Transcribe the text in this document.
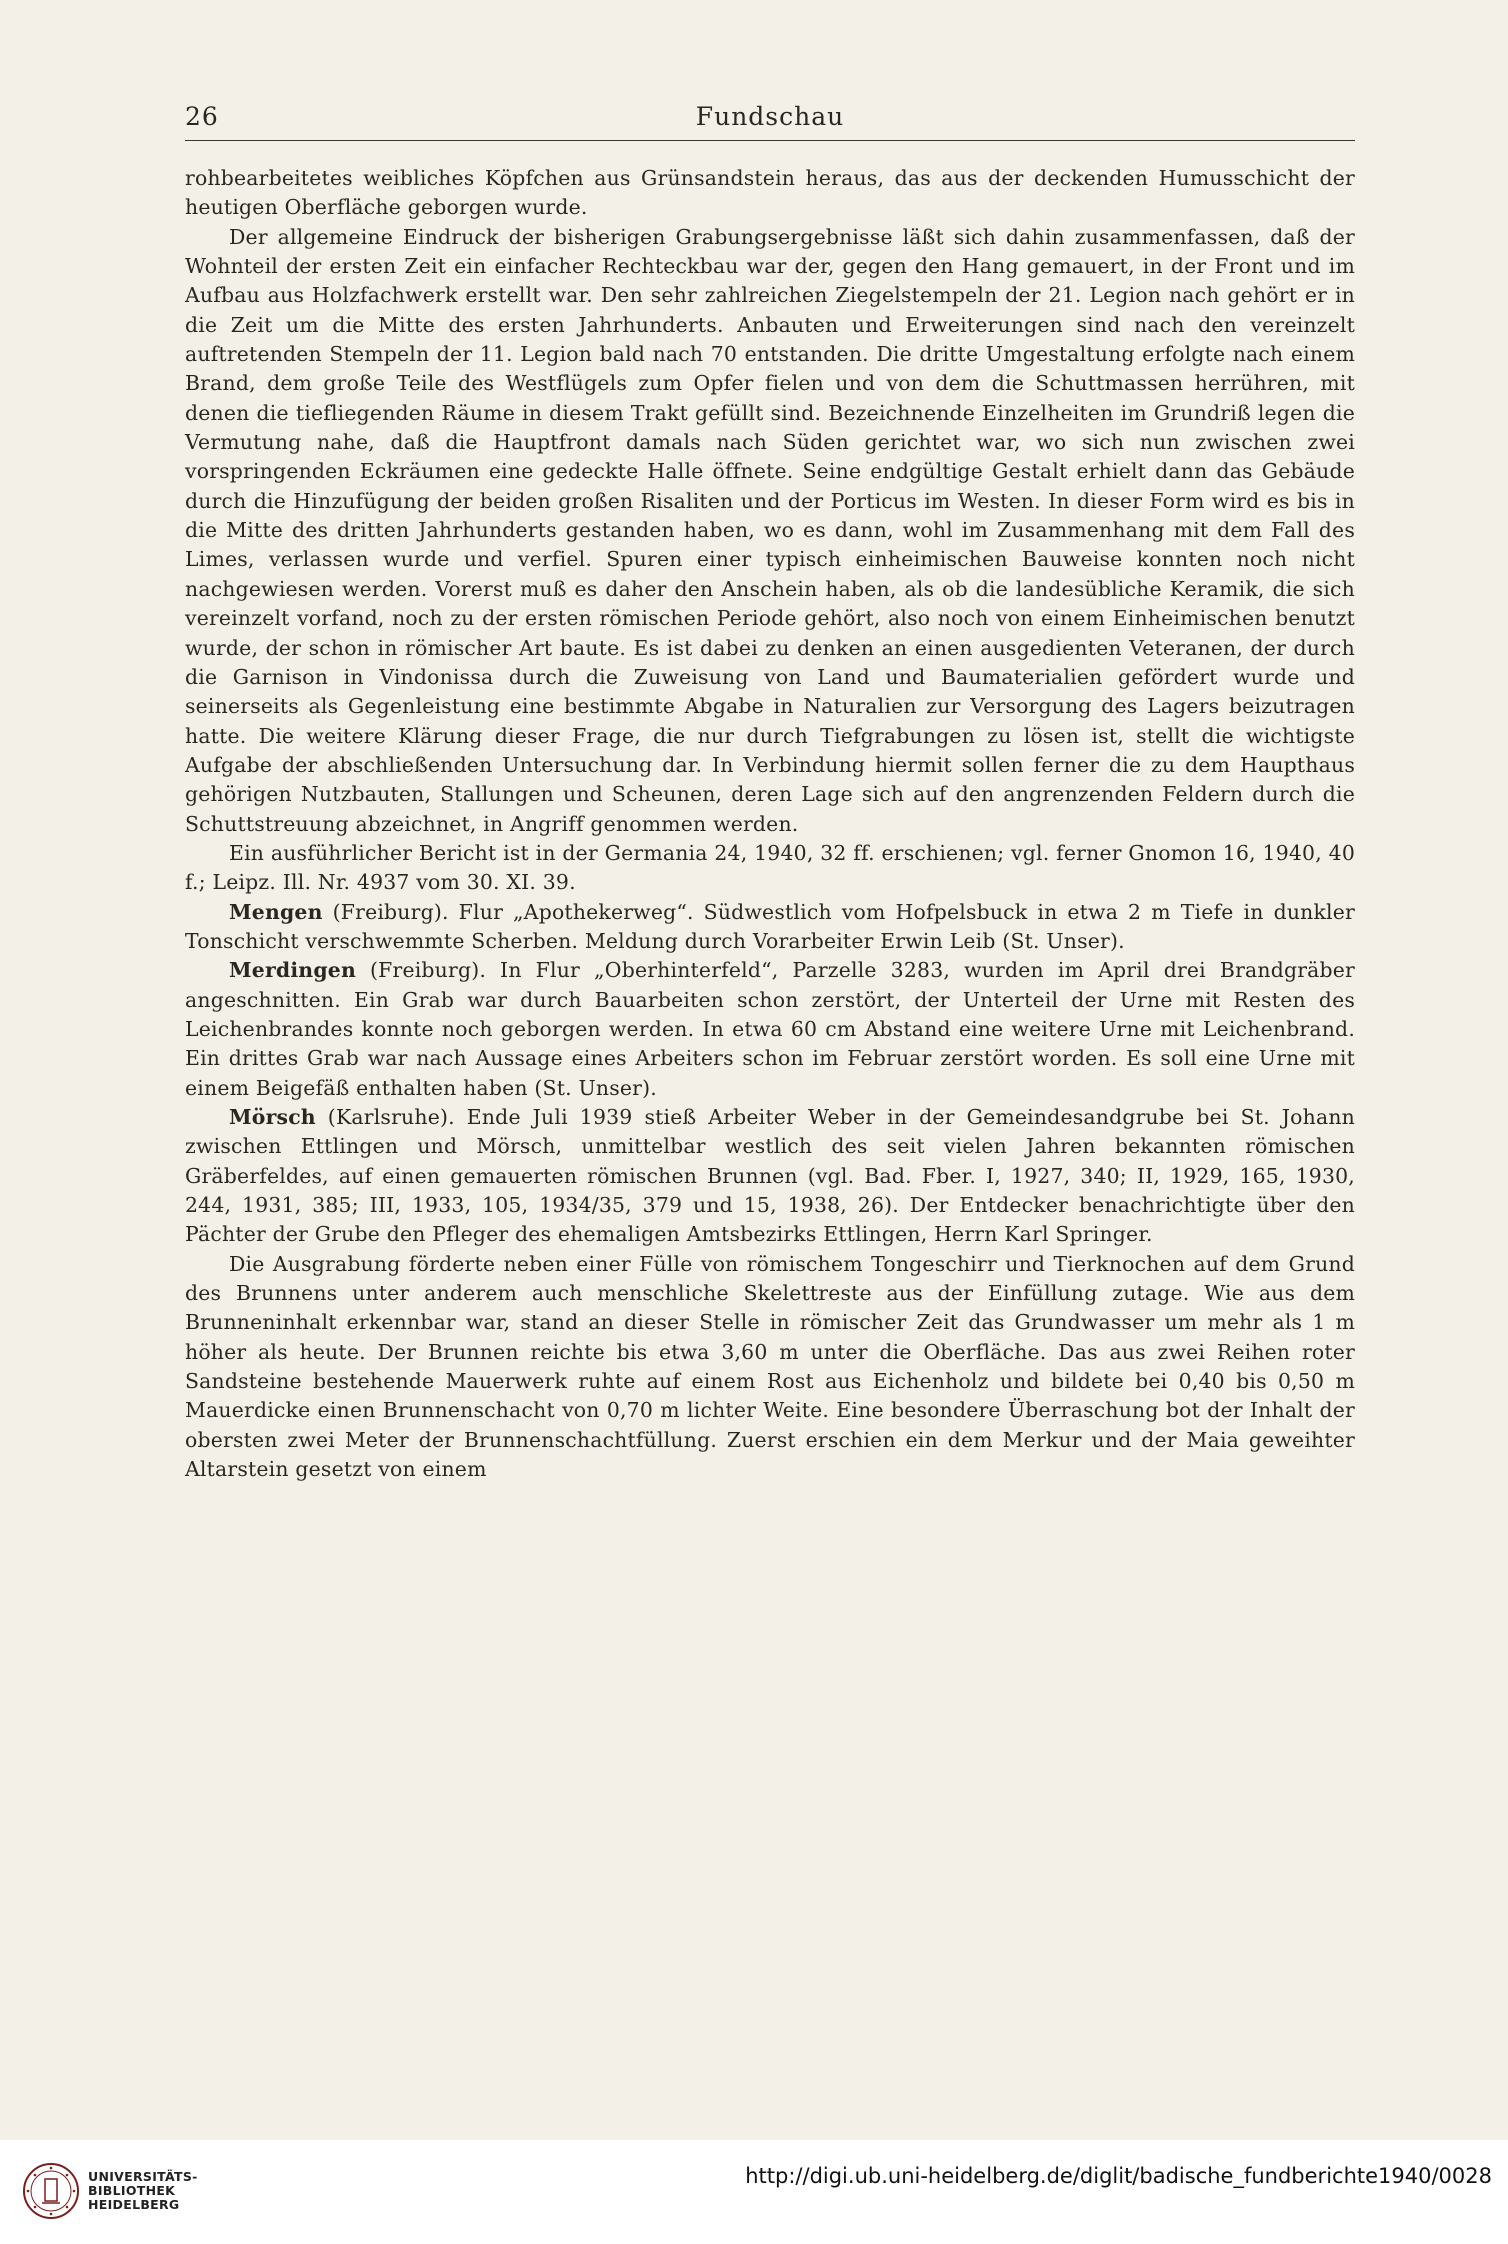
26	Fundschau

rohbearbeitetes weibliches Köpfchen aus Grünsandstein heraus, das aus der deckenden Humusschicht der heutigen Oberfläche geborgen wurde.

Der allgemeine Eindruck der bisherigen Grabungsergebnisse läßt sich dahin zusammenfassen, daß der Wohnteil der ersten Zeit ein einfacher Rechteckbau war der, gegen den Hang gemauert, in der Front und im Aufbau aus Holzfachwerk erstellt war. Den sehr zahlreichen Ziegelstempeln der 21. Legion nach gehört er in die Zeit um die Mitte des ersten Jahrhunderts. Anbauten und Erweiterungen sind nach den vereinzelt auftretenden Stempeln der 11. Legion bald nach 70 entstanden. Die dritte Umgestaltung erfolgte nach einem Brand, dem große Teile des Westflügels zum Opfer fielen und von dem die Schuttmassen herrühren, mit denen die tiefliegenden Räume in diesem Trakt gefüllt sind. Bezeichnende Einzelheiten im Grundriß legen die Vermutung nahe, daß die Hauptfront damals nach Süden gerichtet war, wo sich nun zwischen zwei vorspringenden Eckräumen eine gedeckte Halle öffnete. Seine endgültige Gestalt erhielt dann das Gebäude durch die Hinzufügung der beiden großen Risaliten und der Porticus im Westen. In dieser Form wird es bis in die Mitte des dritten Jahrhunderts gestanden haben, wo es dann, wohl im Zusammenhang mit dem Fall des Limes, verlassen wurde und verfiel. Spuren einer typisch einheimischen Bauweise konnten noch nicht nachgewiesen werden. Vorerst muß es daher den Anschein haben, als ob die landesübliche Keramik, die sich vereinzelt vorfand, noch zu der ersten römischen Periode gehört, also noch von einem Einheimischen benutzt wurde, der schon in römischer Art baute. Es ist dabei zu denken an einen ausgedienten Veteranen, der durch die Garnison in Vindonissa durch die Zuweisung von Land und Baumaterialien gefördert wurde und seinerseits als Gegenleistung eine bestimmte Abgabe in Naturalien zur Versorgung des Lagers beizutragen hatte. Die weitere Klärung dieser Frage, die nur durch Tiefgrabungen zu lösen ist, stellt die wichtigste Aufgabe der abschließenden Untersuchung dar. In Verbindung hiermit sollen ferner die zu dem Haupthaus gehörigen Nutzbauten, Stallungen und Scheunen, deren Lage sich auf den angrenzenden Feldern durch die Schuttstreuung abzeichnet, in Angriff genommen werden.

Ein ausführlicher Bericht ist in der Germania 24, 1940, 32 ff. erschienen; vgl. ferner Gnomon 16, 1940, 40 f.; Leipz. Ill. Nr. 4937 vom 30. XI. 39.

Mengen (Freiburg). Flur „Apothekerweg“. Südwestlich vom Hofpelsbuck in etwa 2 m Tiefe in dunkler Tonschicht verschwemmte Scherben. Meldung durch Vorarbeiter Erwin Leib (St. Unser).

Merdingen (Freiburg). In Flur „Oberhinterfeld“, Parzelle 3283, wurden im April drei Brandgräber angeschnitten. Ein Grab war durch Bauarbeiten schon zerstört, der Unterteil der Urne mit Resten des Leichenbrandes konnte noch geborgen werden. In etwa 60 cm Abstand eine weitere Urne mit Leichenbrand. Ein drittes Grab war nach Aussage eines Arbeiters schon im Februar zerstört worden. Es soll eine Urne mit einem Beigefäß enthalten haben (St. Unser).

Mörsch (Karlsruhe). Ende Juli 1939 stieß Arbeiter Weber in der Gemeindesandgrube bei St. Johann zwischen Ettlingen und Mörsch, unmittelbar westlich des seit vielen Jahren bekannten römischen Gräberfeldes, auf einen gemauerten römischen Brunnen (vgl. Bad. Fber. I, 1927, 340; II, 1929, 165, 1930, 244, 1931, 385; III, 1933, 105, 1934/35, 379 und 15, 1938, 26). Der Entdecker benachrichtigte über den Pächter der Grube den Pfleger des ehemaligen Amtsbezirks Ettlingen, Herrn Karl Springer.

Die Ausgrabung förderte neben einer Fülle von römischem Tongeschirr und Tierknochen auf dem Grund des Brunnens unter anderem auch menschliche Skelettreste aus der Einfüllung zutage. Wie aus dem Brunneninhalt erkennbar war, stand an dieser Stelle in römischer Zeit das Grundwasser um mehr als 1 m höher als heute. Der Brunnen reichte bis etwa 3,60 m unter die Oberfläche. Das aus zwei Reihen roter Sandsteine bestehende Mauerwerk ruhte auf einem Rost aus Eichenholz und bildete bei 0,40 bis 0,50 m Mauerdicke einen Brunnenschacht von 0,70 m lichter Weite. Eine besondere Überraschung bot der Inhalt der obersten zwei Meter der Brunnenschachtfüllung. Zuerst erschien ein dem Merkur und der Maia geweihter Altarstein gesetzt von einem

UNIVERSITÄTS-
BIBLIOTHEK
HEIDELBERG
http://digi.ub.uni-heidelberg.de/diglit/badische_fundberichte1940/0028
